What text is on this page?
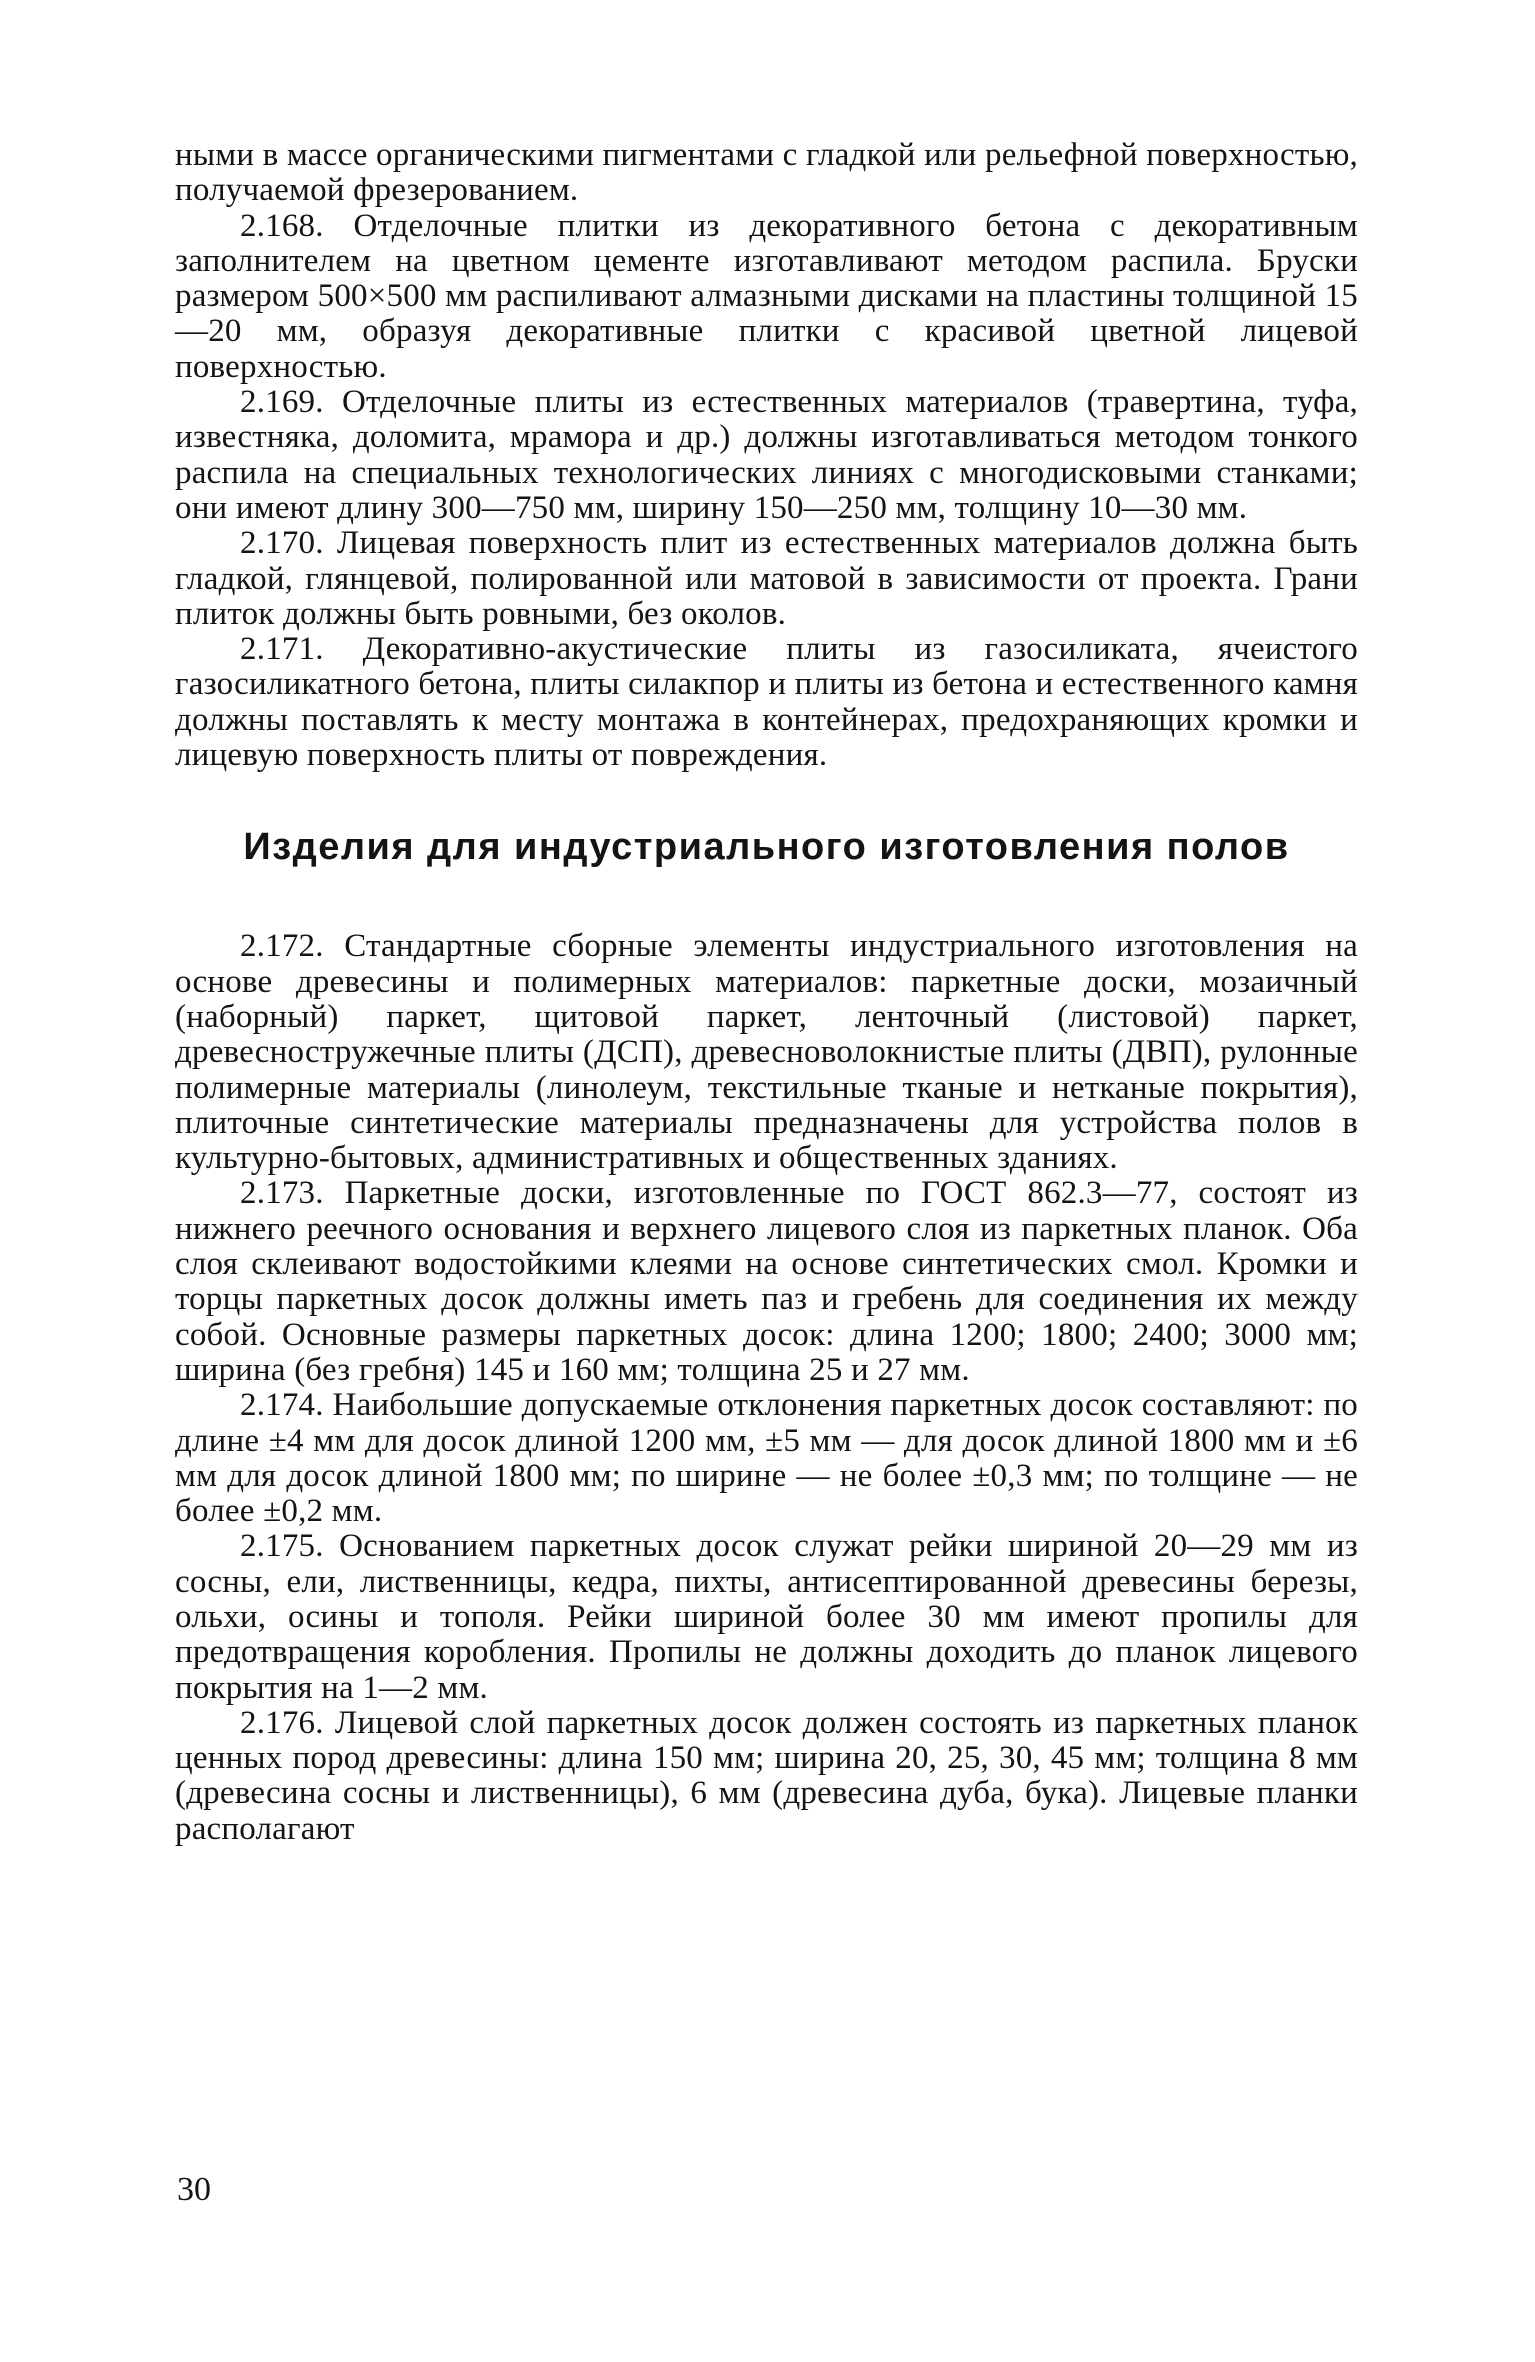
ными в массе органическими пигментами с гладкой или рельефной поверхностью, получаемой фрезерованием.

2.168. Отделочные плитки из декоративного бетона с декоративным заполнителем на цветном цементе изготавливают методом распила. Бруски размером 500×500 мм распиливают алмазными дисками на пластины толщиной 15—20 мм, образуя декоративные плитки с красивой цветной лицевой поверхностью.

2.169. Отделочные плиты из естественных материалов (травертина, туфа, известняка, доломита, мрамора и др.) должны изготавливаться методом тонкого распила на специальных технологических линиях с многодисковыми станками; они имеют длину 300—750 мм, ширину 150—250 мм, толщину 10—30 мм.

2.170. Лицевая поверхность плит из естественных материалов должна быть гладкой, глянцевой, полированной или матовой в зависимости от проекта. Грани плиток должны быть ровными, без околов.

2.171. Декоративно-акустические плиты из газосиликата, ячеистого газосиликатного бетона, плиты силакпор и плиты из бетона и естественного камня должны поставлять к месту монтажа в контейнерах, предохраняющих кромки и лицевую поверхность плиты от повреждения.

Изделия для индустриального изготовления полов

2.172. Стандартные сборные элементы индустриального изготовления на основе древесины и полимерных материалов: паркетные доски, мозаичный (наборный) паркет, щитовой паркет, ленточный (листовой) паркет, древесностружечные плиты (ДСП), древесноволокнистые плиты (ДВП), рулонные полимерные материалы (линолеум, текстильные тканые и нетканые покрытия), плиточные синтетические материалы предназначены для устройства полов в культурно-бытовых, административных и общественных зданиях.

2.173. Паркетные доски, изготовленные по ГОСТ 862.3—77, состоят из нижнего реечного основания и верхнего лицевого слоя из паркетных планок. Оба слоя склеивают водостойкими клеями на основе синтетических смол. Кромки и торцы паркетных досок должны иметь паз и гребень для соединения их между собой. Основные размеры паркетных досок: длина 1200; 1800; 2400; 3000 мм; ширина (без гребня) 145 и 160 мм; толщина 25 и 27 мм.

2.174. Наибольшие допускаемые отклонения паркетных досок составляют: по длине ±4 мм для досок длиной 1200 мм, ±5 мм — для досок длиной 1800 мм и ±6 мм для досок длиной 1800 мм; по ширине — не более ±0,3 мм; по толщине — не более ±0,2 мм.

2.175. Основанием паркетных досок служат рейки шириной 20—29 мм из сосны, ели, лиственницы, кедра, пихты, антисептированной древесины березы, ольхи, осины и тополя. Рейки шириной более 30 мм имеют пропилы для предотвращения коробления. Пропилы не должны доходить до планок лицевого покрытия на 1—2 мм.

2.176. Лицевой слой паркетных досок должен состоять из паркетных планок ценных пород древесины: длина 150 мм; ширина 20, 25, 30, 45 мм; толщина 8 мм (древесина сосны и лиственницы), 6 мм (древесина дуба, бука). Лицевые планки располагают

30
